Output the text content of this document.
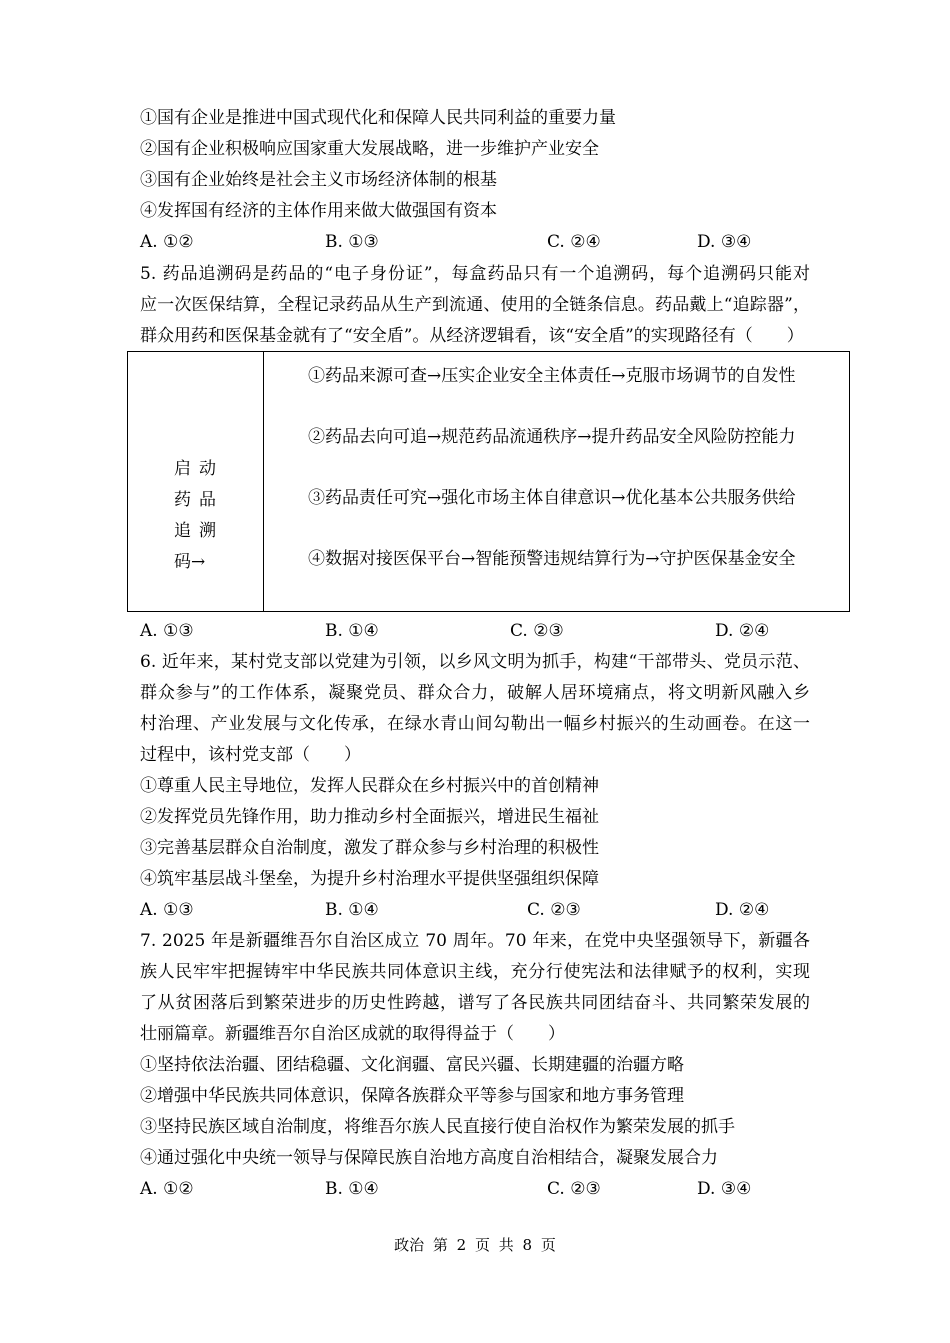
①国有企业是推进中国式现代化和保障人民共同利益的重要力量
②国有企业积极响应国家重大发展战略，进一步维护产业安全
③国有企业始终是社会主义市场经济体制的根基
④发挥国有经济的主体作用来做大做强国有资本
A. ①②	B. ①③	C. ②④	D. ③④
5. 药品追溯码是药品的“电子身份证”，每盒药品只有一个追溯码，每个追溯码只能对
应一次医保结算，全程记录药品从生产到流通、使用的全链条信息。药品戴上“追踪器”，
群众用药和医保基金就有了“安全盾”。从经济逻辑看，该“安全盾”的实现路径有（　　）
启动
药品
追溯
码→
①药品来源可查→压实企业安全主体责任→克服市场调节的自发性
②药品去向可追→规范药品流通秩序→提升药品安全风险防控能力
③药品责任可究→强化市场主体自律意识→优化基本公共服务供给
④数据对接医保平台→智能预警违规结算行为→守护医保基金安全
A. ①③	B. ①④	C. ②③	D. ②④
6. 近年来，某村党支部以党建为引领，以乡风文明为抓手，构建“干部带头、党员示范、
群众参与”的工作体系，凝聚党员、群众合力，破解人居环境痛点，将文明新风融入乡
村治理、产业发展与文化传承，在绿水青山间勾勒出一幅乡村振兴的生动画卷。在这一
过程中，该村党支部（　　）
①尊重人民主导地位，发挥人民群众在乡村振兴中的首创精神
②发挥党员先锋作用，助力推动乡村全面振兴，增进民生福祉
③完善基层群众自治制度，激发了群众参与乡村治理的积极性
④筑牢基层战斗堡垒，为提升乡村治理水平提供坚强组织保障
A. ①③	B. ①④	C. ②③	D. ②④
7. 2025 年是新疆维吾尔自治区成立 70 周年。70 年来，在党中央坚强领导下，新疆各
族人民牢牢把握铸牢中华民族共同体意识主线，充分行使宪法和法律赋予的权利，实现
了从贫困落后到繁荣进步的历史性跨越，谱写了各民族共同团结奋斗、共同繁荣发展的
壮丽篇章。新疆维吾尔自治区成就的取得得益于（　　）
①坚持依法治疆、团结稳疆、文化润疆、富民兴疆、长期建疆的治疆方略
②增强中华民族共同体意识，保障各族群众平等参与国家和地方事务管理
③坚持民族区域自治制度，将维吾尔族人民直接行使自治权作为繁荣发展的抓手
④通过强化中央统一领导与保障民族自治地方高度自治相结合，凝聚发展合力
A. ①②	B. ①④	C. ②③	D. ③④
政治 第 2 页 共 8 页
